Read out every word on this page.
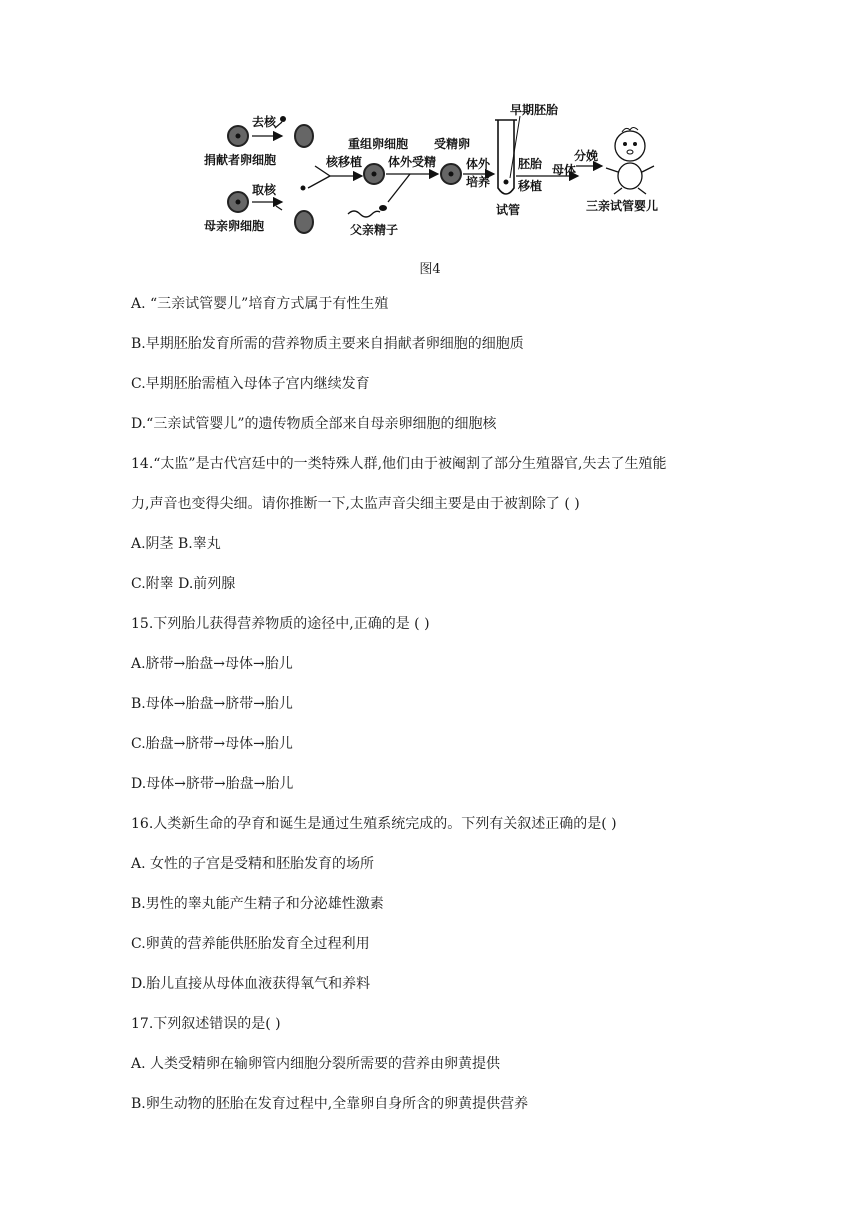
捐献者卵细胞
去核
母亲卵细胞
取核
核移植
重组卵细胞
体外受精
父亲精子
受精卵
体外
培养
试管
早期胚胎
胚胎
移植
母体
分娩
三亲试管婴儿
图4
A. “三亲试管婴儿”培育方式属于有性生殖
B.早期胚胎发育所需的营养物质主要来自捐献者卵细胞的细胞质
C.早期胚胎需植入母体子宫内继续发育
D.“三亲试管婴儿”的遗传物质全部来自母亲卵细胞的细胞核
14.“太监”是古代宫廷中的一类特殊人群,他们由于被阉割了部分生殖器官,失去了生殖能
力,声音也变得尖细。请你推断一下,太监声音尖细主要是由于被割除了 ( )
A.阴茎 B.睾丸
C.附睾 D.前列腺
15.下列胎儿获得营养物质的途径中,正确的是 ( )
A.脐带→胎盘→母体→胎儿
B.母体→胎盘→脐带→胎儿
C.胎盘→脐带→母体→胎儿
D.母体→脐带→胎盘→胎儿
16.人类新生命的孕育和诞生是通过生殖系统完成的。下列有关叙述正确的是( )
A. 女性的子宫是受精和胚胎发育的场所
B.男性的睾丸能产生精子和分泌雄性激素
C.卵黄的营养能供胚胎发育全过程利用
D.胎儿直接从母体血液获得氧气和养料
17.下列叙述错误的是( )
A. 人类受精卵在输卵管内细胞分裂所需要的营养由卵黄提供
B.卵生动物的胚胎在发育过程中,全靠卵自身所含的卵黄提供营养
